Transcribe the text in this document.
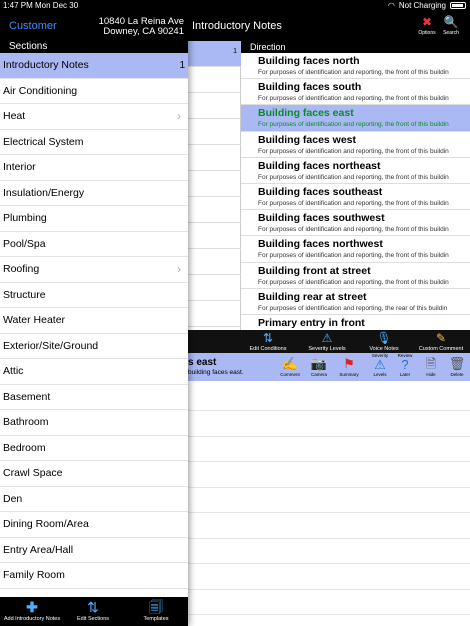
1:47 PM Mon Dec 30	◠ Not Charging
Introductory Notes	✖
Options
🔍
Search
1	Direction
Building faces north
For purposes of identification and reporting, the front of this buildin
Building faces south
For purposes of identification and reporting, the front of this buildin
Building faces east
For purposes of identification and reporting, the front of this buildin
Building faces west
For purposes of identification and reporting, the front of this buildin
Building faces northeast
For purposes of identification and reporting, the front of this buildin
Building faces southeast
For purposes of identification and reporting, the front of this buildin
Building faces southwest
For purposes of identification and reporting, the front of this buildin
Building faces northwest
For purposes of identification and reporting, the front of this buildin
Building front at street
For purposes of identification and reporting, the front of this buildin
Building rear at street
For purposes of identification and reporting, the rear of this buildin
Primary entry in front
⇅
Edit Conditions
⚠
Severity Levels
🎙
Voice Notes
✎
Custom Comment
s east
building faces east.
✍
Comment
📷
Camera
⚑
Summary
Severity
⚠
Levels
Review
?
Later
🗎
Hide
🗑
Delete
Customer	10840 La Reina Ave
Downey, CA 90241
Sections
Introductory Notes	1
Air Conditioning
Heat	›
Electrical System
Interior
Insulation/Energy
Plumbing
Pool/Spa
Roofing	›
Structure
Water Heater
Exterior/Site/Ground
Attic
Basement
Bathroom
Bedroom
Crawl Space
Den
Dining Room/Area
Entry Area/Hall
Family Room
✚
Add Introductory Notes
⇅
Edit Sections
🗐
Templates
